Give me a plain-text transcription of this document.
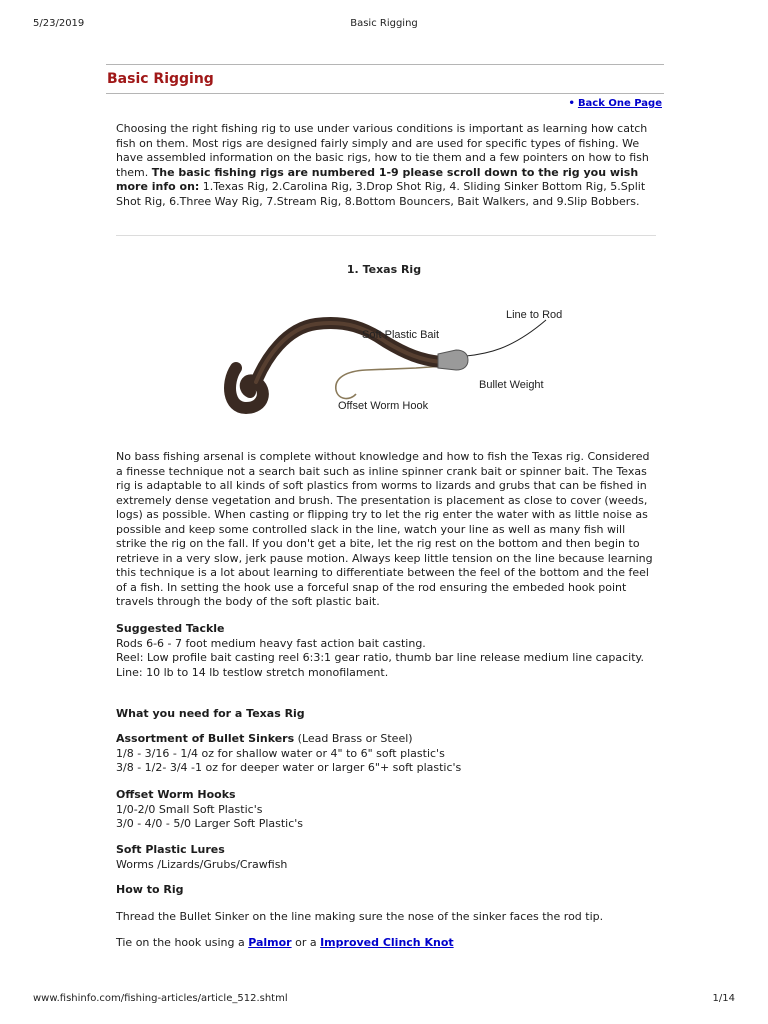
5/23/2019	Basic Rigging
Basic Rigging
• Back One Page

Choosing the right fishing rig to use under various conditions is important as learning how catch fish on them. Most rigs are designed fairly simply and are used for specific types of fishing. We have assembled information on the basic rigs, how to tie them and a few pointers on how to fish them. The basic fishing rigs are numbered 1-9 please scroll down to the rig you wish more info on: 1.Texas Rig, 2.Carolina Rig, 3.Drop Shot Rig, 4. Sliding Sinker Bottom Rig, 5.Split Shot Rig, 6.Three Way Rig, 7.Stream Rig, 8.Bottom Bouncers, Bait Walkers, and 9.Slip Bobbers.

1. Texas Rig
Line to Rod
Soft Plastic Bait
Bullet Weight
Offset Worm Hook

No bass fishing arsenal is complete without knowledge and how to fish the Texas rig. Considered a finesse technique not a search bait such as inline spinner crank bait or spinner bait. The Texas rig is adaptable to all kinds of soft plastics from worms to lizards and grubs that can be fished in extremely dense vegetation and brush. The presentation is placement as close to cover (weeds, logs) as possible. When casting or flipping try to let the rig enter the water with as little noise as possible and keep some controlled slack in the line, watch your line as well as many fish will strike the rig on the fall. If you don't get a bite, let the rig rest on the bottom and then begin to retrieve in a very slow, jerk pause motion. Always keep little tension on the line because learning this technique is a lot about learning to differentiate between the feel of the bottom and the feel of a fish. In setting the hook use a forceful snap of the rod ensuring the embeded hook point travels through the body of the soft plastic bait.

Suggested Tackle

Rods 6-6 - 7 foot medium heavy fast action bait casting.

Reel: Low profile bait casting reel 6:3:1 gear ratio, thumb bar line release medium line capacity.

Line: 10 lb to 14 lb testlow stretch monofilament.

What you need for a Texas Rig

Assortment of Bullet Sinkers (Lead Brass or Steel)

1/8 - 3/16 - 1/4 oz for shallow water or 4" to 6" soft plastic's

3/8 - 1/2- 3/4 -1 oz for deeper water or larger 6"+ soft plastic's

Offset Worm Hooks

1/0-2/0 Small Soft Plastic's

3/0 - 4/0 - 5/0 Larger Soft Plastic's

Soft Plastic Lures

Worms /Lizards/Grubs/Crawfish

How to Rig

Thread the Bullet Sinker on the line making sure the nose of the sinker faces the rod tip.

Tie on the hook using a Palmor or a Improved Clinch Knot

www.fishinfo.com/fishing-articles/article_512.shtml	1/14
